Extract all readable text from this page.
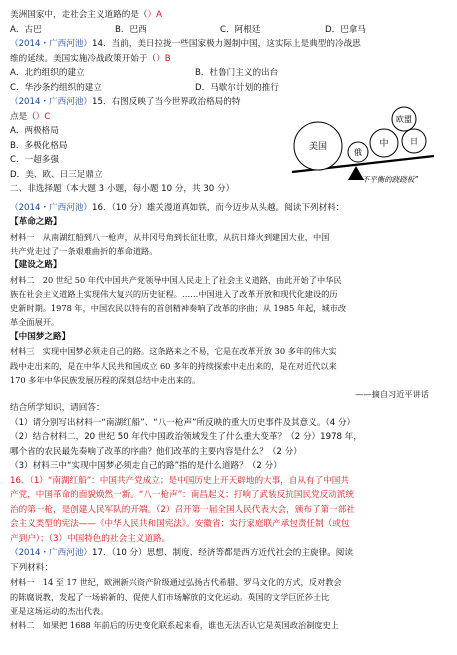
美洲国家中，走社会主义道路的是（）A
A．古巴	B．巴西	C．阿根廷	D．巴拿马
（2014・广西河池）14．当前，美日拉拢一些国家极力遏制中国，这实际上是典型的冷战思
维的延续。美国实施冷战政策开始于（）B
A．北约组织的建立	B．杜鲁门主义的出台
C．华沙条约组织的建立	D．马歇尔计划的推行
（2014・广西河池）15．右图反映了当今世界政治格局的特
点是（）C
A．两极格局
B．多极化格局
C．一超多强
D．美、欧、日三足鼎立
美国
俄
中	日
欧盟
“不平衡的跷跷板”
二、非选择题（本大题 3 小题，每小题 10 分，共 30 分）
（2014・广西河池）16．（10 分）雄关漫道真如铁，而今迈步从头越。阅读下列材料：
【革命之路】
材料一　从南湖红船到八一枪声，从井冈号角到长征壮歌，从抗日烽火到建国大业，中国
共产党走过了一条艰难曲折的革命道路。
【建设之路】
材料二　20 世纪 50 年代中国共产党领导中国人民走上了社会主义道路，由此开始了中华民
族在社会主义道路上实现伟大复兴的历史征程。……中国进入了改革开放和现代化建设的历
史新时期。1978 年，中国农民以特有的首创精神奏响了改革的序曲；从 1985 年起，城市改
革全面展开。
【中国梦之路】
材料三　实现中国梦必须走自己的路。这条路来之不易，它是在改革开放 30 多年的伟大实
践中走出来的，是在中华人民共和国成立 60 多年的持续探索中走出来的，是在对近代以来
170 多年中华民族发展历程的深刻总结中走出来的。
——摘自习近平讲话
结合所学知识，请回答：
（1）请分别写出材料一“南湖红船”、“八一枪声”所反映的重大历史事件及其意义。（4 分）
（2）结合材料二，20 世纪 50 年代中国政治领域发生了什么重大变革？（2 分）1978 年，
哪个省的农民最先奏响了改革的序曲？他们改革的主要内容是什么？（2 分）
（3）材料三中“实现中国梦必须走自己的路”指的是什么道路？（2 分）
16．（1）“南湖红船”：中国共产党成立；是中国历史上开天辟地的大事，自从有了中国共
产党，中国革命的面貌焕然一新。“八一枪声”：南昌起义；打响了武装反抗国民党反动派统
治的第一枪，是创建人民军队的开端。（2）召开第一届全国人民代表大会，颁布了第一部社
会主义类型的宪法——《中华人民共和国宪法》。安徽省；实行家庭联产承包责任制（或包
产到户）；（3）中国特色的社会主义道路。
（2014・广西河池）17．（10 分）思想、制度、经济等都是西方近代社会的主旋律。阅读
下列材料：
材料一　14 至 17 世纪，欧洲新兴资产阶级通过弘扬古代希腊、罗马文化的方式，反对教会
的陈腐说教，发起了一场崭新的、促使人们市场解放的文化运动。英国的文学巨匠莎士比
亚是这场运动的杰出代表。
材料二　如果把 1688 年前后的历史变化联系起来看，谁也无法否认它是英国政治制度史上
